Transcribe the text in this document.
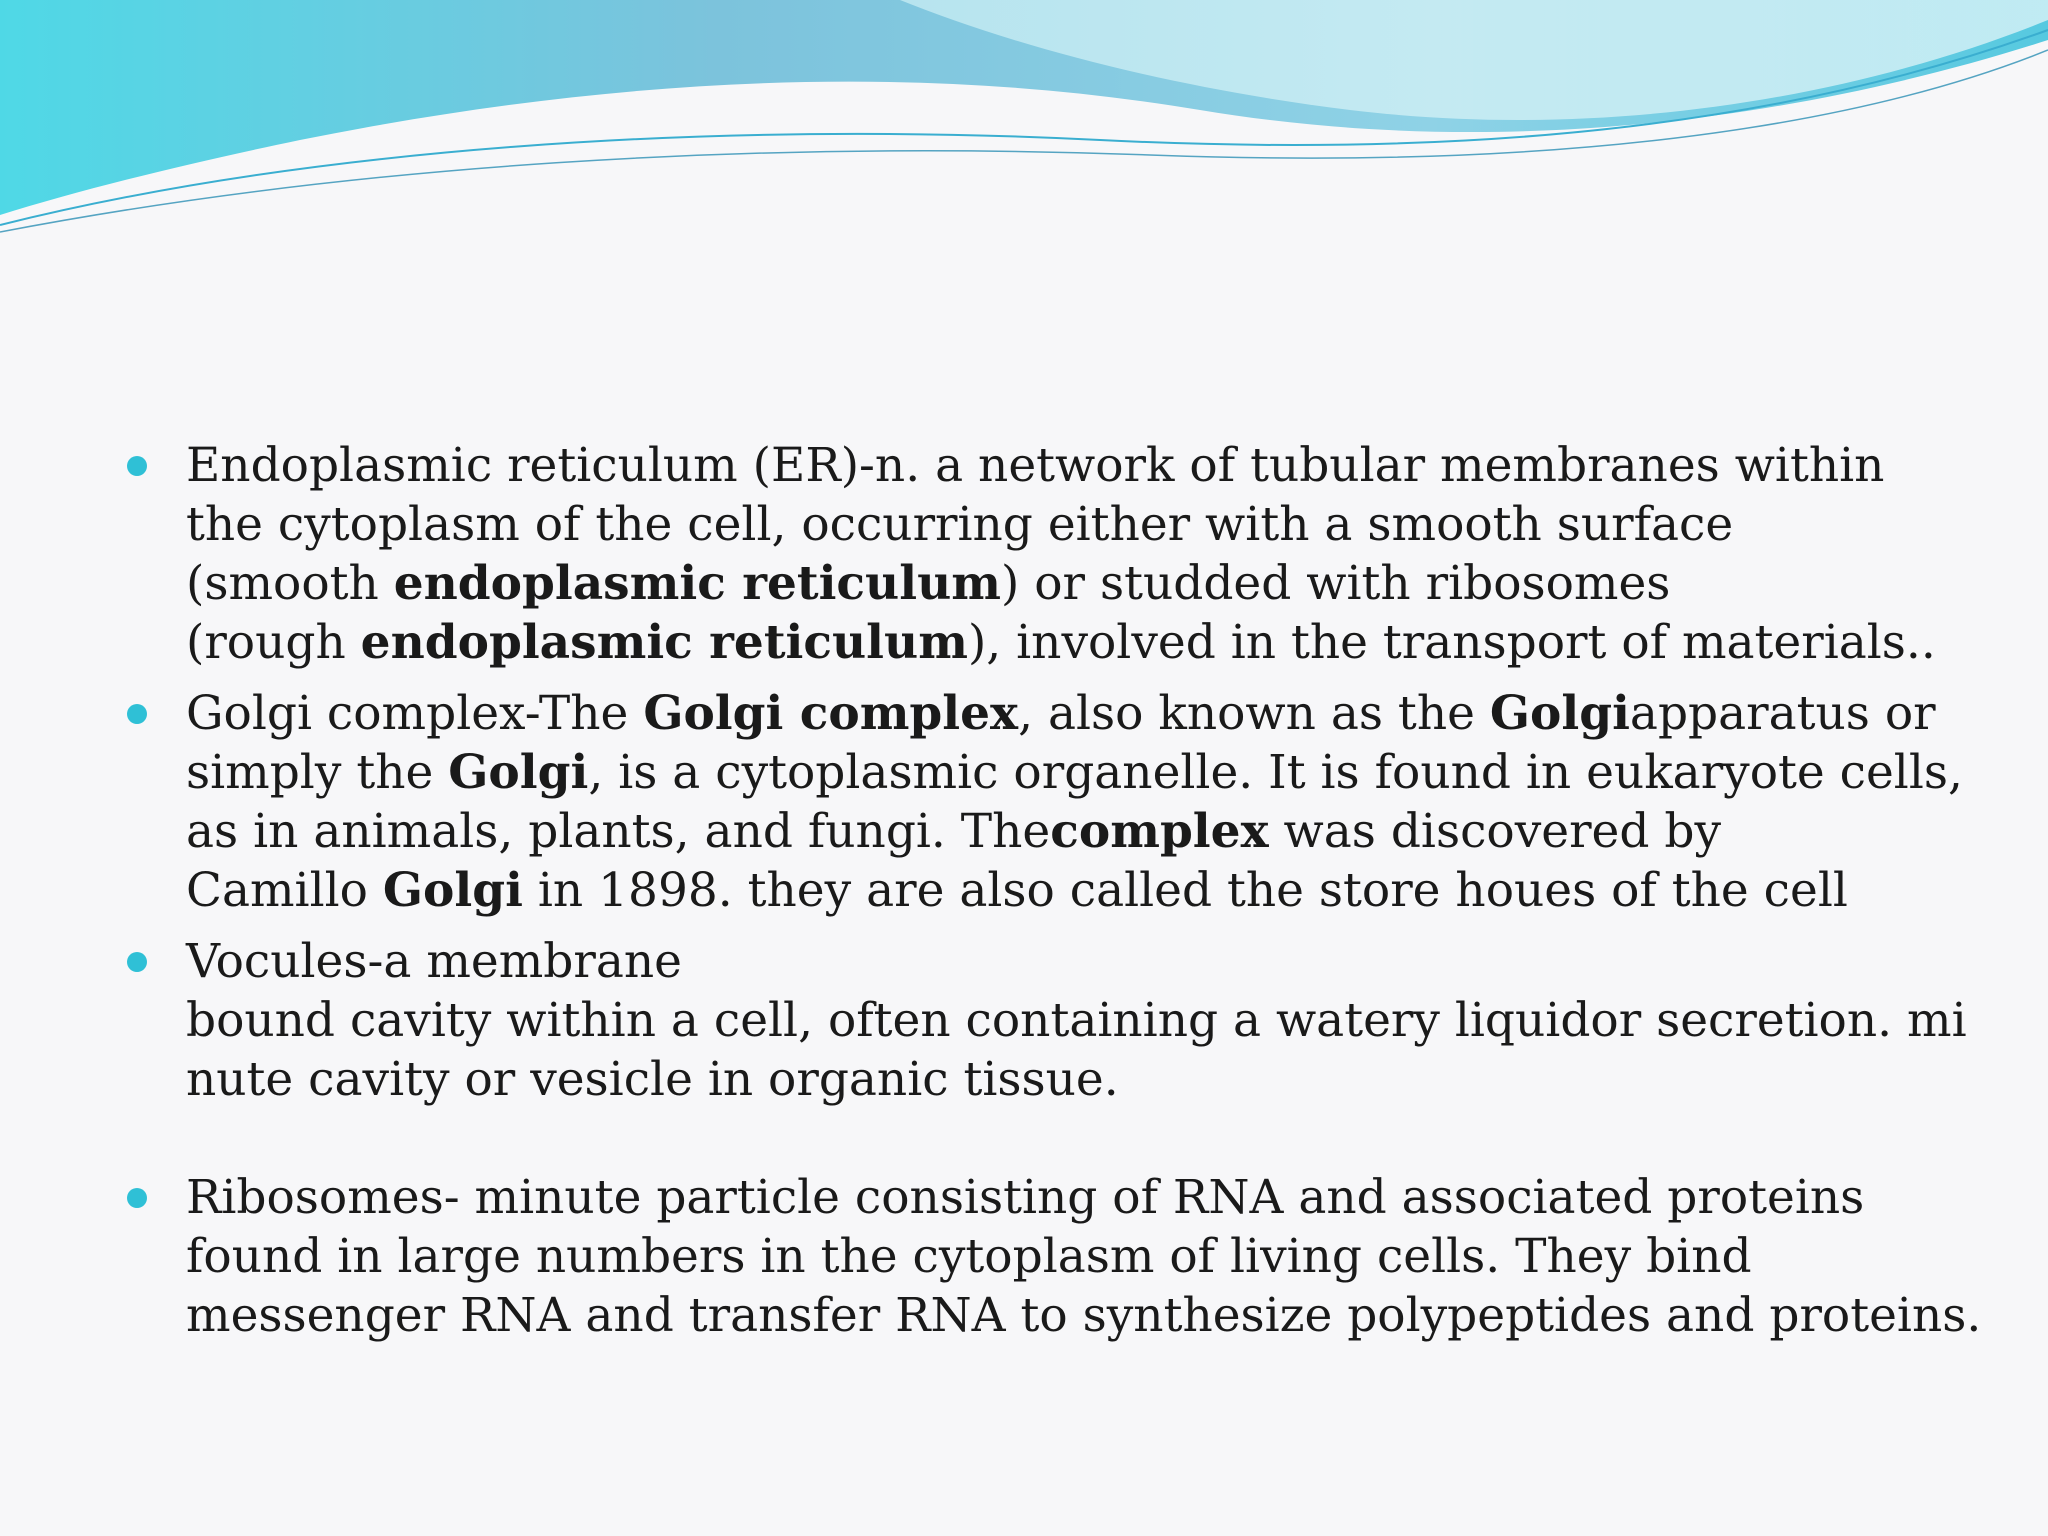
Endoplasmic reticulum (ER)-n. a network of tubular membranes within
the cytoplasm of the cell, occurring either with a smooth surface
(smooth endoplasmic reticulum) or studded with ribosomes
(rough endoplasmic reticulum), involved in the transport of materials..
Golgi complex-The Golgi complex, also known as the Golgiapparatus or
simply the Golgi, is a cytoplasmic organelle. It is found in eukaryote cells,
as in animals, plants, and fungi. Thecomplex was discovered by
Camillo Golgi in 1898. they are also called the store houes of the cell
Vocules-a membrane
bound cavity within a cell, often containing a watery liquidor secretion. mi
nute cavity or vesicle in organic tissue.
Ribosomes- minute particle consisting of RNA and associated proteins
found in large numbers in the cytoplasm of living cells. They bind
messenger RNA and transfer RNA to synthesize polypeptides and proteins.
